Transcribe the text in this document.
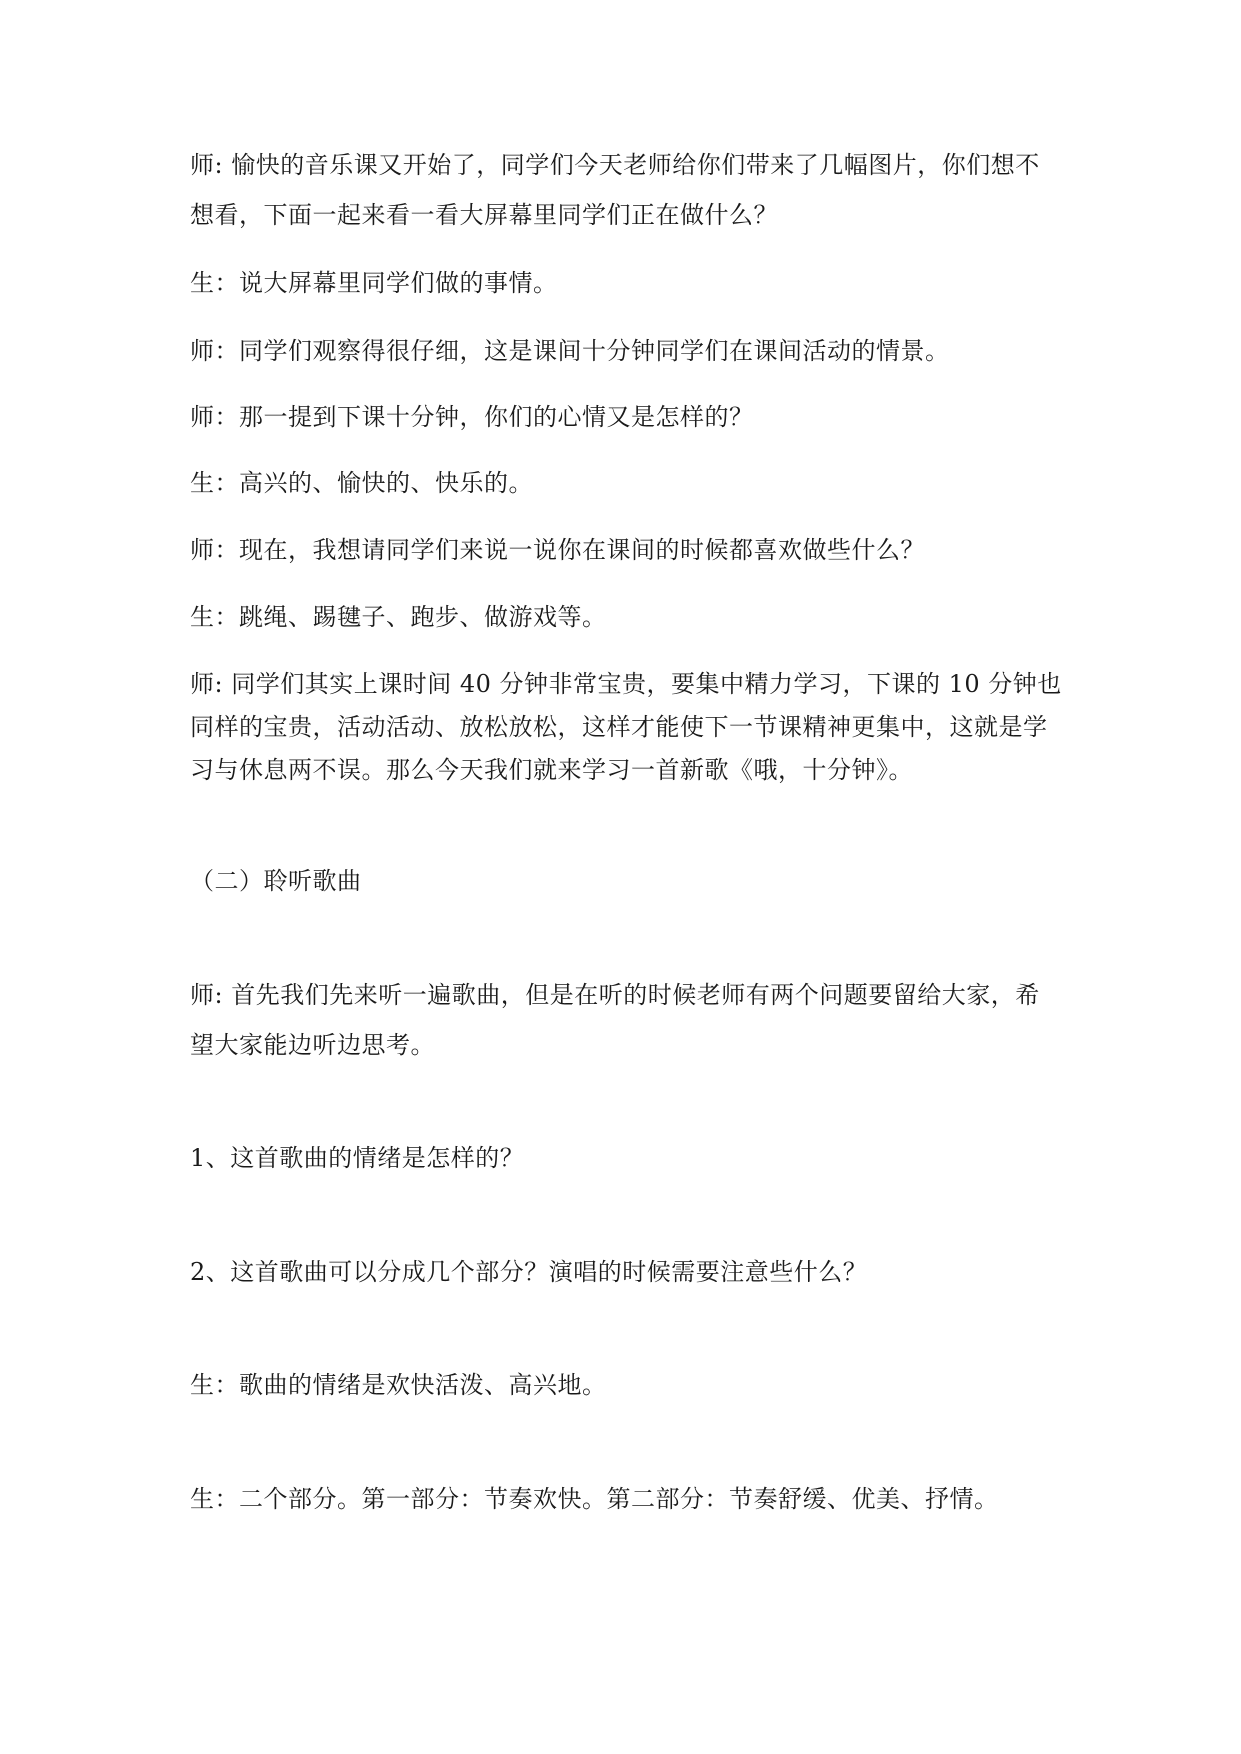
师: 愉快的音乐课又开始了，同学们今天老师给你们带来了几幅图片，你们想不
想看，下面一起来看一看大屏幕里同学们正在做什么？
生：说大屏幕里同学们做的事情。
师：同学们观察得很仔细，这是课间十分钟同学们在课间活动的情景。
师：那一提到下课十分钟，你们的心情又是怎样的？
生：高兴的、愉快的、快乐的。
师：现在，我想请同学们来说一说你在课间的时候都喜欢做些什么？
生：跳绳、踢毽子、跑步、做游戏等。
师: 同学们其实上课时间 40 分钟非常宝贵，要集中精力学习，下课的 10 分钟也
同样的宝贵，活动活动、放松放松，这样才能使下一节课精神更集中，这就是学
习与休息两不误。那么今天我们就来学习一首新歌《哦，十分钟》。
（二）聆听歌曲
师: 首先我们先来听一遍歌曲，但是在听的时候老师有两个问题要留给大家，希
望大家能边听边思考。
1、这首歌曲的情绪是怎样的？
2、这首歌曲可以分成几个部分？演唱的时候需要注意些什么？
生：歌曲的情绪是欢快活泼、高兴地。
生：二个部分。第一部分：节奏欢快。第二部分：节奏舒缓、优美、抒情。
